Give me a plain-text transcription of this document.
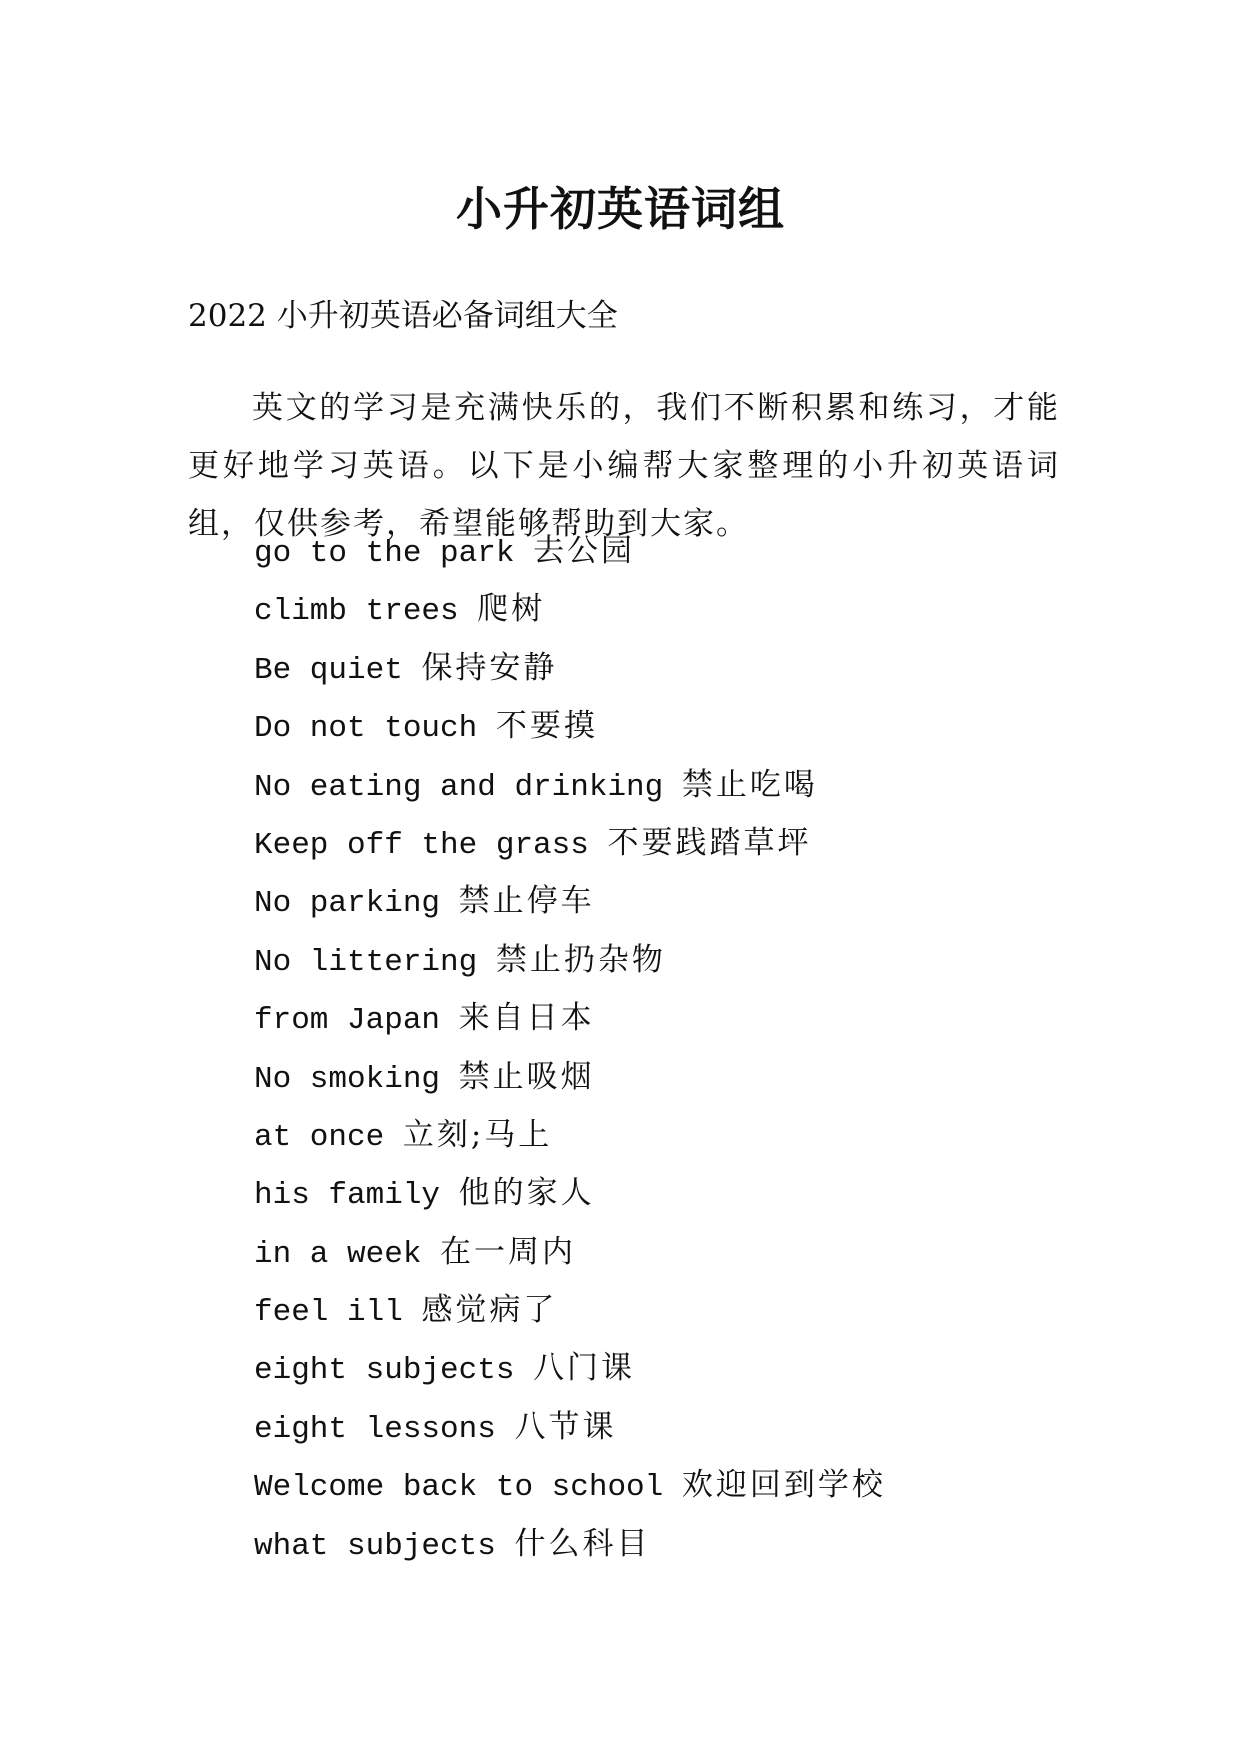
小升初英语词组
2022 小升初英语必备词组大全

英文的学习是充满快乐的，我们不断积累和练习，才能更好地学习英语。以下是小编帮大家整理的小升初英语词组，仅供参考，希望能够帮助到大家。

go to the park 去公园
climb trees 爬树
Be quiet 保持安静
Do not touch 不要摸
No eating and drinking 禁止吃喝
Keep off the grass 不要践踏草坪
No parking 禁止停车
No littering 禁止扔杂物
from Japan 来自日本
No smoking 禁止吸烟
at once 立刻;马上
his family 他的家人
in a week 在一周内
feel ill 感觉病了
eight subjects 八门课
eight lessons 八节课
Welcome back to school 欢迎回到学校
what subjects 什么科目
